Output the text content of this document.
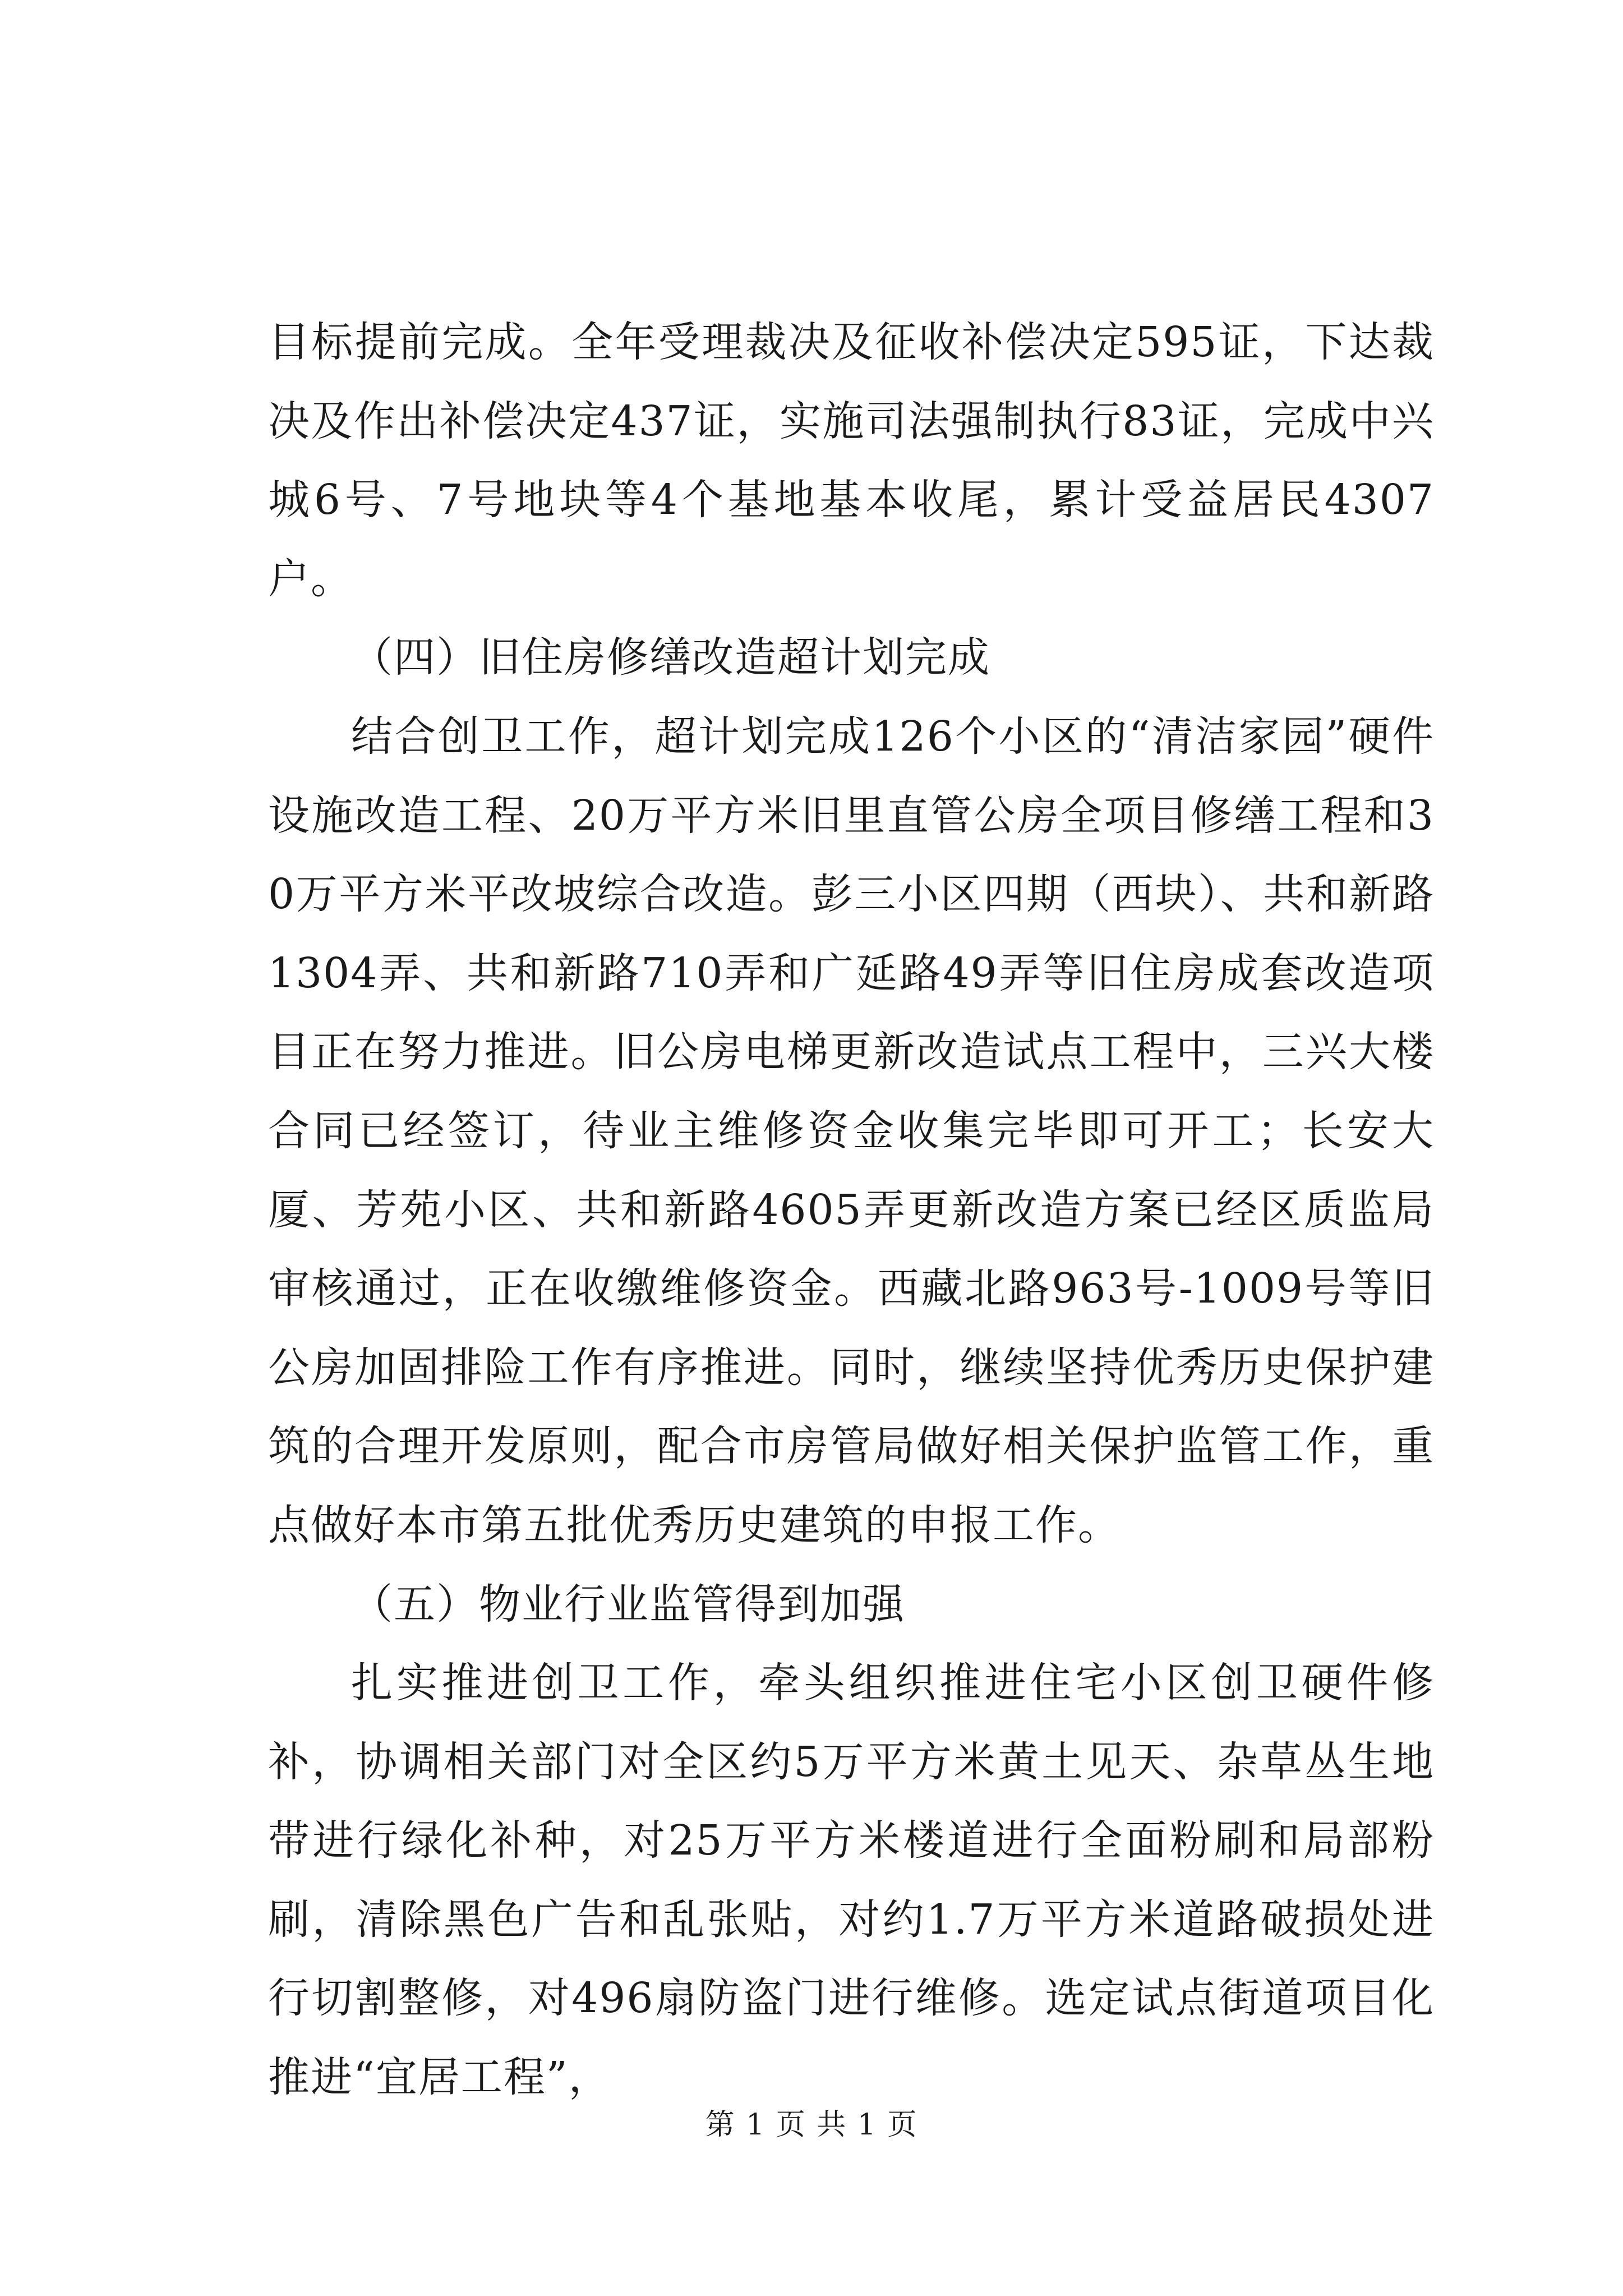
目标提前完成。全年受理裁决及征收补偿决定595证，下达裁决及作出补偿决定437证，实施司法强制执行83证，完成中兴城6号、7号地块等4个基地基本收尾，累计受益居民4307户。

（四）旧住房修缮改造超计划完成

结合创卫工作，超计划完成126个小区的“清洁家园”硬件设施改造工程、20万平方米旧里直管公房全项目修缮工程和30万平方米平改坡综合改造。彭三小区四期（西块）、共和新路1304弄、共和新路710弄和广延路49弄等旧住房成套改造项目正在努力推进。旧公房电梯更新改造试点工程中，三兴大楼合同已经签订，待业主维修资金收集完毕即可开工；长安大厦、芳苑小区、共和新路4605弄更新改造方案已经区质监局审核通过，正在收缴维修资金。西藏北路963号-1009号等旧公房加固排险工作有序推进。同时，继续坚持优秀历史保护建筑的合理开发原则，配合市房管局做好相关保护监管工作，重点做好本市第五批优秀历史建筑的申报工作。

（五）物业行业监管得到加强

扎实推进创卫工作，牵头组织推进住宅小区创卫硬件修补，协调相关部门对全区约5万平方米黄土见天、杂草丛生地带进行绿化补种，对25万平方米楼道进行全面粉刷和局部粉刷，清除黑色广告和乱张贴，对约1.7万平方米道路破损处进行切割整修，对496扇防盗门进行维修。选定试点街道项目化推进“宜居工程”，

第 1 页 共 1 页
